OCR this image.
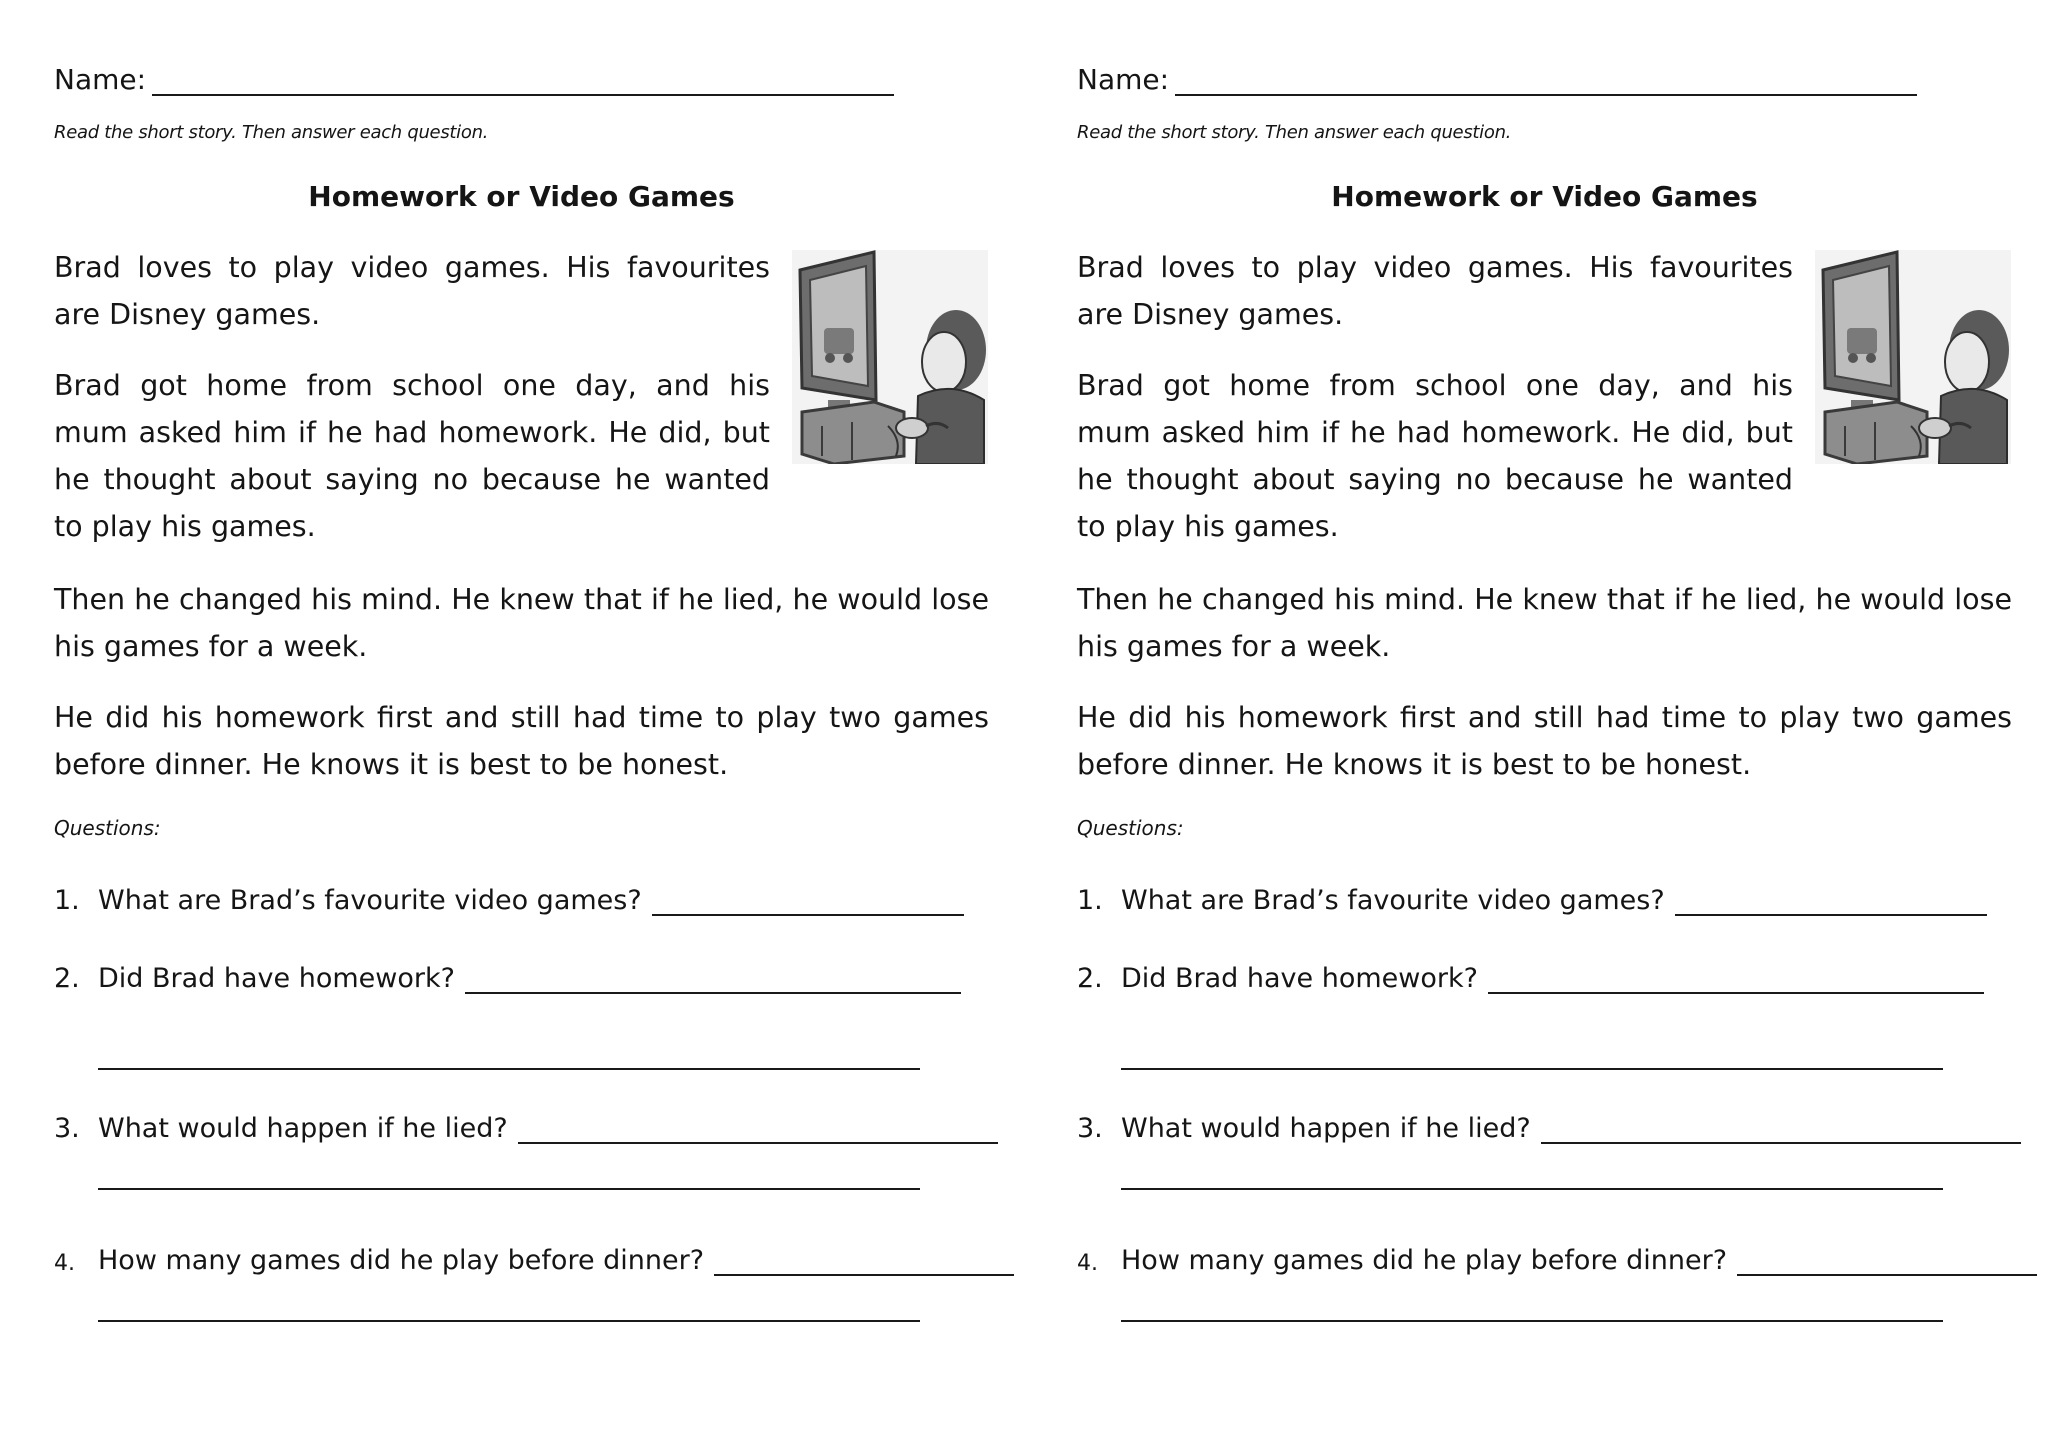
Name:
Read the short story. Then answer each question.
Homework or Video Games
Brad loves to play video games. His favourites are Disney games.
Brad got home from school one day, and his mum asked him if he had homework. He did, but he thought about saying no because he wanted to play his games.
Then he changed his mind. He knew that if he lied, he would lose his games for a week.
He did his homework first and still had time to play two games before dinner. He knows it is best to be honest.
Questions:
1. What are Brad’s favourite video games?
2. Did Brad have homework?
3. What would happen if he lied?
4. How many games did he play before dinner?
Name:
Read the short story. Then answer each question.
Homework or Video Games
Brad loves to play video games. His favourites are Disney games.
Brad got home from school one day, and his mum asked him if he had homework. He did, but he thought about saying no because he wanted to play his games.
Then he changed his mind. He knew that if he lied, he would lose his games for a week.
He did his homework first and still had time to play two games before dinner. He knows it is best to be honest.
Questions:
1. What are Brad’s favourite video games?
2. Did Brad have homework?
3. What would happen if he lied?
4. How many games did he play before dinner?
